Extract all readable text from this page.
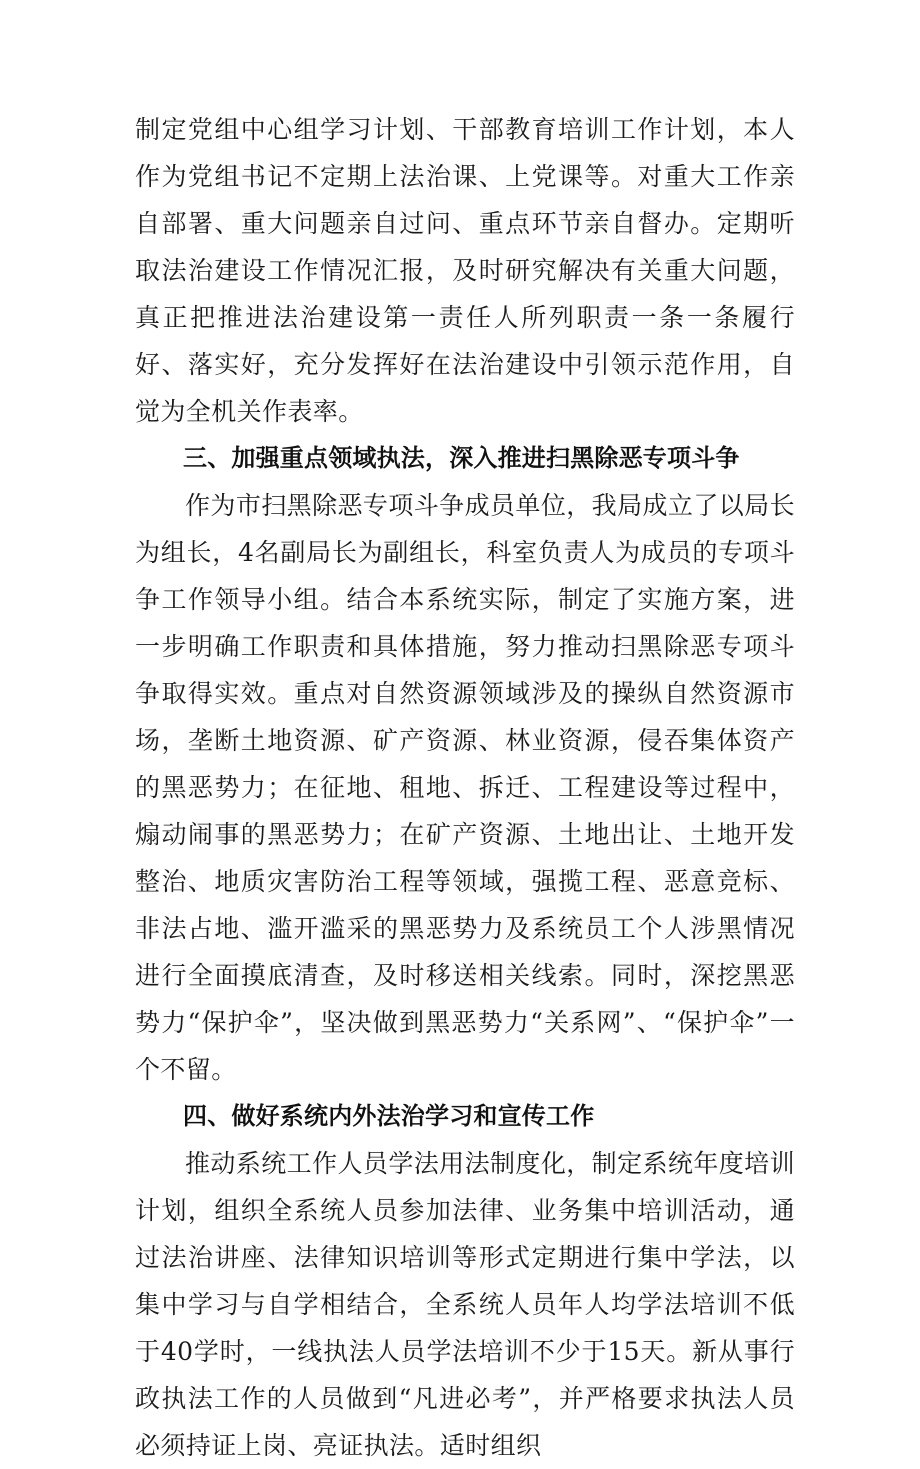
制定党组中心组学习计划、干部教育培训工作计划，本人作为党组书记不定期上法治课、上党课等。对重大工作亲自部署、重大问题亲自过问、重点环节亲自督办。定期听取法治建设工作情况汇报，及时研究解决有关重大问题，真正把推进法治建设第一责任人所列职责一条一条履行好、落实好，充分发挥好在法治建设中引领示范作用，自觉为全机关作表率。

三、加强重点领域执法，深入推进扫黑除恶专项斗争

作为市扫黑除恶专项斗争成员单位，我局成立了以局长为组长，4名副局长为副组长，科室负责人为成员的专项斗争工作领导小组。结合本系统实际，制定了实施方案，进一步明确工作职责和具体措施，努力推动扫黑除恶专项斗争取得实效。重点对自然资源领域涉及的操纵自然资源市场，垄断土地资源、矿产资源、林业资源，侵吞集体资产的黑恶势力；在征地、租地、拆迁、工程建设等过程中，煽动闹事的黑恶势力；在矿产资源、土地出让、土地开发整治、地质灾害防治工程等领域，强揽工程、恶意竞标、非法占地、滥开滥采的黑恶势力及系统员工个人涉黑情况进行全面摸底清查，及时移送相关线索。同时，深挖黑恶势力“保护伞”，坚决做到黑恶势力“关系网”、“保护伞”一个不留。

四、做好系统内外法治学习和宣传工作

推动系统工作人员学法用法制度化，制定系统年度培训计划，组织全系统人员参加法律、业务集中培训活动，通过法治讲座、法律知识培训等形式定期进行集中学法，以集中学习与自学相结合，全系统人员年人均学法培训不低于40学时，一线执法人员学法培训不少于15天。新从事行政执法工作的人员做到“凡进必考”，并严格要求执法人员必须持证上岗、亮证执法。适时组织
